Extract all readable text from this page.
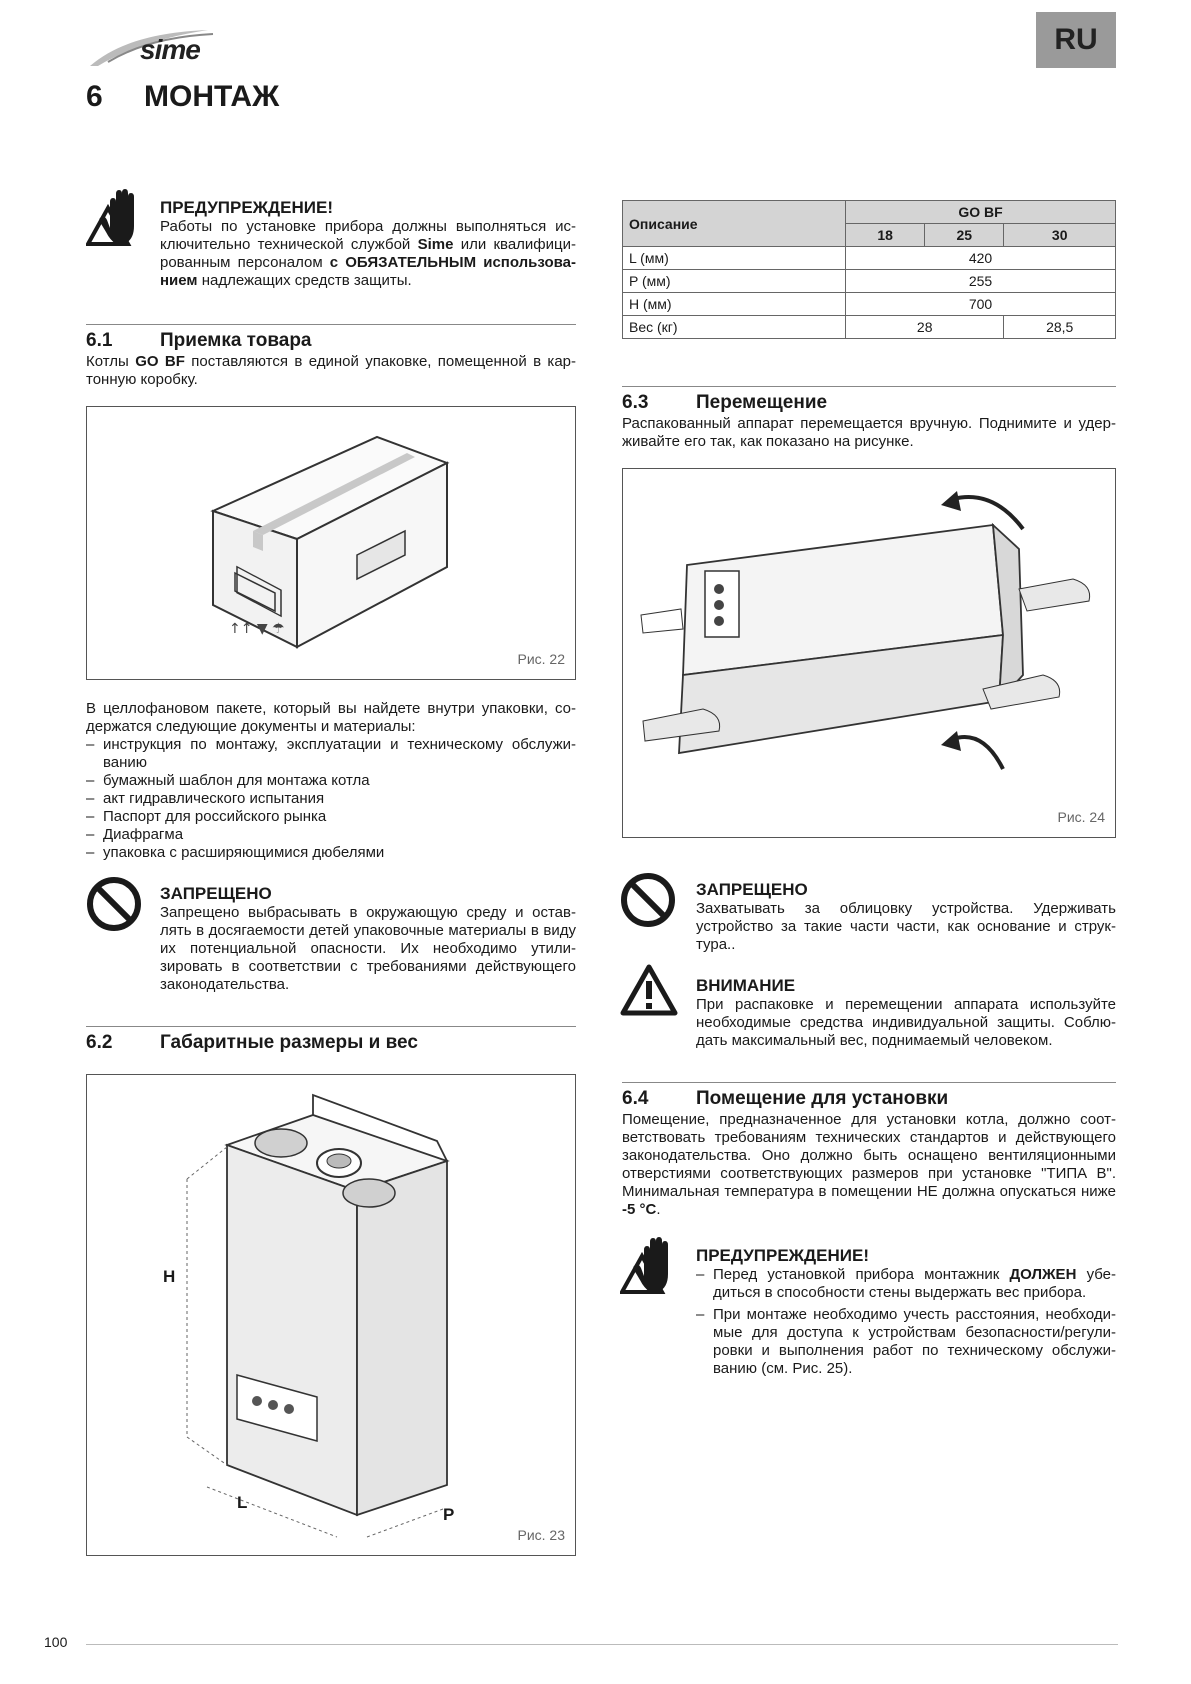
sime	RU
6 МОНТАЖ
ПРЕДУПРЕЖДЕНИЕ!
Работы по установке прибора должны выполняться ис-ключительно технической службой Sime или квалифици-рованным персоналом с ОБЯЗАТЕЛЬНЫМ использова-нием надлежащих средств защиты.
6.1	Приемка товара
Котлы GO BF поставляются в единой упаковке, помещенной в кар-тонную коробку.
↑↑ ▼ ☂
Рис. 22
В целлофановом пакете, который вы найдете внутри упаковки, со-держатся следующие документы и материалы:
– инструкция по монтажу, эксплуатации и техническому обслужи-ванию
– бумажный шаблон для монтажа котла
– акт гидравлического испытания
– Паспорт для российского рынка
– Диафрагма
– упаковка с расширяющимися дюбелями
ЗАПРЕЩЕНО
Запрещено выбрасывать в окружающую среду и остав-лять в досягаемости детей упаковочные материалы в виду их потенциальной опасности. Их необходимо утили-зировать в соответствии с требованиями действующего законодательства.
6.2	Габаритные размеры и вес
H
L
P
Рис. 23
Описание	GO BF		
	18	25	30
L (мм)	420		
P (мм)	255		
H (мм)	700		
Вес (кг)	28		28,5
6.3	Перемещение
Распакованный аппарат перемещается вручную. Поднимите и удер-живайте его так, как показано на рисунке.
Рис. 24
ЗАПРЕЩЕНО
Захватывать за облицовку устройства. Удерживать устройство за такие части части, как основание и струк-тура..
ВНИМАНИЕ
При распаковке и перемещении аппарата используйте необходимые средства индивидуальной защиты. Соблю-дать максимальный вес, поднимаемый человеком.
6.4	Помещение для установки
Помещение, предназначенное для установки котла, должно соот-ветствовать требованиям технических стандартов и действующего законодательства. Оно должно быть оснащено вентиляционными отверстиями соответствующих размеров при установке "ТИПА В". Минимальная температура в помещении НЕ должна опускаться ниже -5 °C.
ПРЕДУПРЕЖДЕНИЕ!
– Перед установкой прибора монтажник ДОЛЖЕН убе-диться в способности стены выдержать вес прибора.
– При монтаже необходимо учесть расстояния, необходи-мые для доступа к устройствам безопасности/регули-ровки и выполнения работ по техническому обслужи-ванию (см. Рис. 25).
100
